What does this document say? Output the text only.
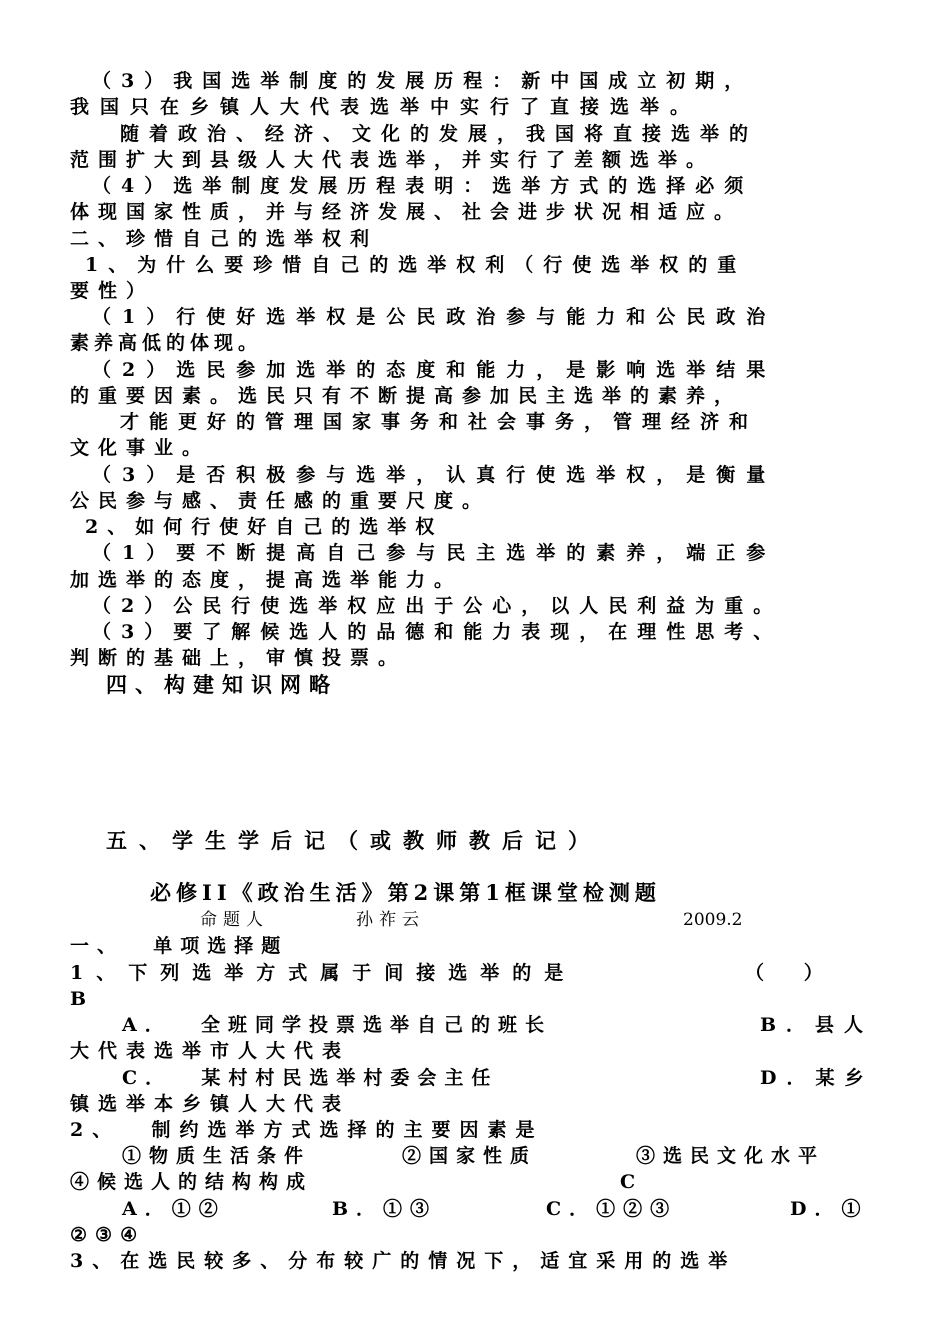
（3）我国选举制度的发展历程：新中国成立初期，
我国只在乡镇人大代表选举中实行了直接选举。
随着政治、经济、文化的发展，我国将直接选举的
范围扩大到县级人大代表选举，并实行了差额选举。
（4）选举制度发展历程表明：选举方式的选择必须
体现国家性质，并与经济发展、社会进步状况相适应。
二、珍惜自己的选举权利
1、为什么要珍惜自己的选举权利（行使选举权的重
要性）
（1）行使好选举权是公民政治参与能力和公民政治
素养高低的体现。
（2）选民参加选举的态度和能力，是影响选举结果
的重要因素。选民只有不断提高参加民主选举的素养，
才能更好的管理国家事务和社会事务，管理经济和
文化事业。
（3）是否积极参与选举，认真行使选举权，是衡量
公民参与感、责任感的重要尺度。
2、如何行使好自己的选举权
（1）要不断提高自己参与民主选举的素养，端正参
加选举的态度，提高选举能力。
（2）公民行使选举权应出于公心，以人民利益为重。
（3）要了解候选人的品德和能力表现，在理性思考、
判断的基础上，审慎投票。
四、构建知识网略
五、学生学后记（或教师教后记）
必修II《政治生活》第2课第1框课堂检测题
命题人	孙祚云	2009.2
一、  单项选择题
1、下列选举方式属于间接选举的是	（      ）
B
A．  全班同学投票选举自己的班长	B．县人
大代表选举市人大代表
C．  某村村民选举村委会主任	D．某乡
镇选举本乡镇人大代表
2、  制约选举方式选择的主要因素是
①物质生活条件	②国家性质	③选民文化水平
④候选人的结构构成	C
A．①②	B．①③	C．①②③	D．①
②③④
3、在选民较多、分布较广的情况下，适宜采用的选举
